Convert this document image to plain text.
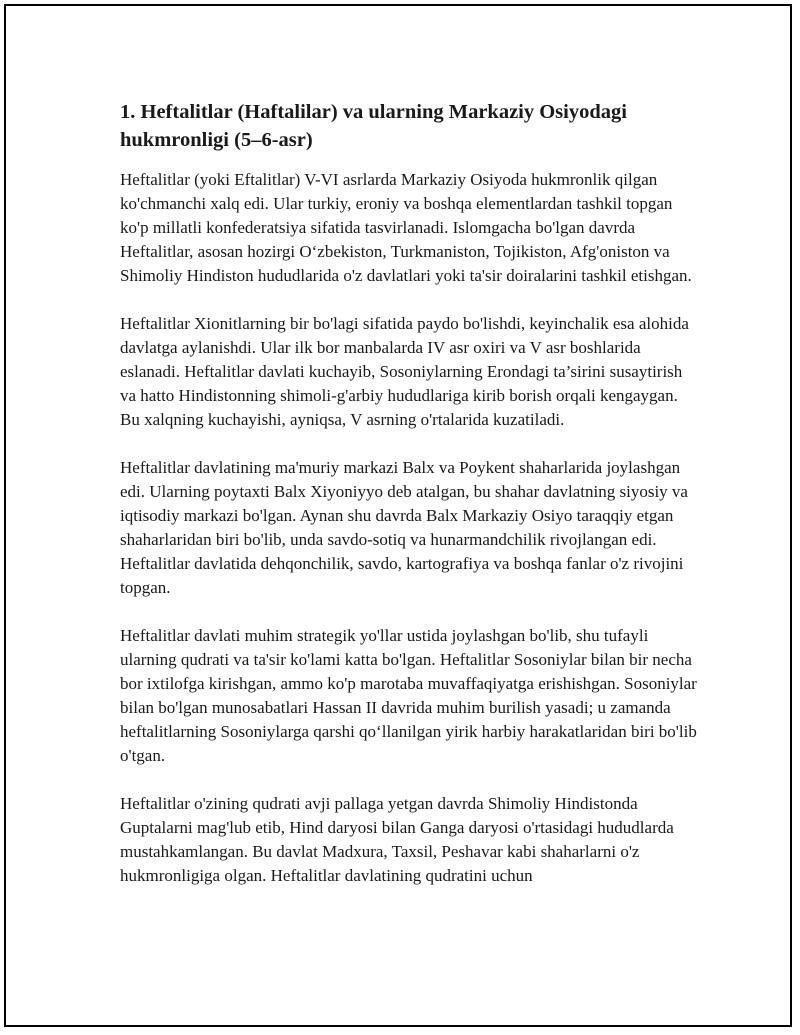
1. Heftalitlar (Haftalilar) va ularning Markaziy Osiyodagi hukmronligi (5–6-asr)

Heftalitlar (yoki Eftalitlar) V-VI asrlarda Markaziy Osiyoda hukmronlik qilgan ko'chmanchi xalq edi. Ular turkiy, eroniy va boshqa elementlardan tashkil topgan ko'p millatli konfederatsiya sifatida tasvirlanadi. Islomgacha bo'lgan davrda Heftalitlar, asosan hozirgi O‘zbekiston, Turkmaniston, Tojikiston, Afg'oniston va Shimoliy Hindiston hududlarida o'z davlatlari yoki ta'sir doiralarini tashkil etishgan.

Heftalitlar Xionitlarning bir bo'lagi sifatida paydo bo'lishdi, keyinchalik esa alohida davlatga aylanishdi. Ular ilk bor manbalarda IV asr oxiri va V asr boshlarida eslanadi. Heftalitlar davlati kuchayib, Sosoniylarning Erondagi ta’sirini susaytirish va hatto Hindistonning shimoli-g'arbiy hududlariga kirib borish orqali kengaygan. Bu xalqning kuchayishi, ayniqsa, V asrning o'rtalarida kuzatiladi.

Heftalitlar davlatining ma'muriy markazi Balx va Poykent shaharlarida joylashgan edi. Ularning poytaxti Balx Xiyoniyyo deb atalgan, bu shahar davlatning siyosiy va iqtisodiy markazi bo'lgan. Aynan shu davrda Balx Markaziy Osiyo taraqqiy etgan shaharlaridan biri bo'lib, unda savdo-sotiq va hunarmandchilik rivojlangan edi. Heftalitlar davlatida dehqonchilik, savdo, kartografiya va boshqa fanlar o'z rivojini topgan.

Heftalitlar davlati muhim strategik yo'llar ustida joylashgan bo'lib, shu tufayli ularning qudrati va ta'sir ko'lami katta bo'lgan. Heftalitlar Sosoniylar bilan bir necha bor ixtilofga kirishgan, ammo ko'p marotaba muvaffaqiyatga erishishgan. Sosoniylar bilan bo'lgan munosabatlari Hassan II davrida muhim burilish yasadi; u zamanda heftalitlarning Sosoniylarga qarshi qo‘llanilgan yirik harbiy harakatlaridan biri bo'lib o'tgan.

Heftalitlar o'zining qudrati avji pallaga yetgan davrda Shimoliy Hindistonda Guptalarni mag'lub etib, Hind daryosi bilan Ganga daryosi o'rtasidagi hududlarda mustahkamlangan. Bu davlat Madxura, Taxsil, Peshavar kabi shaharlarni o'z hukmronligiga olgan. Heftalitlar davlatining qudratini uchun
